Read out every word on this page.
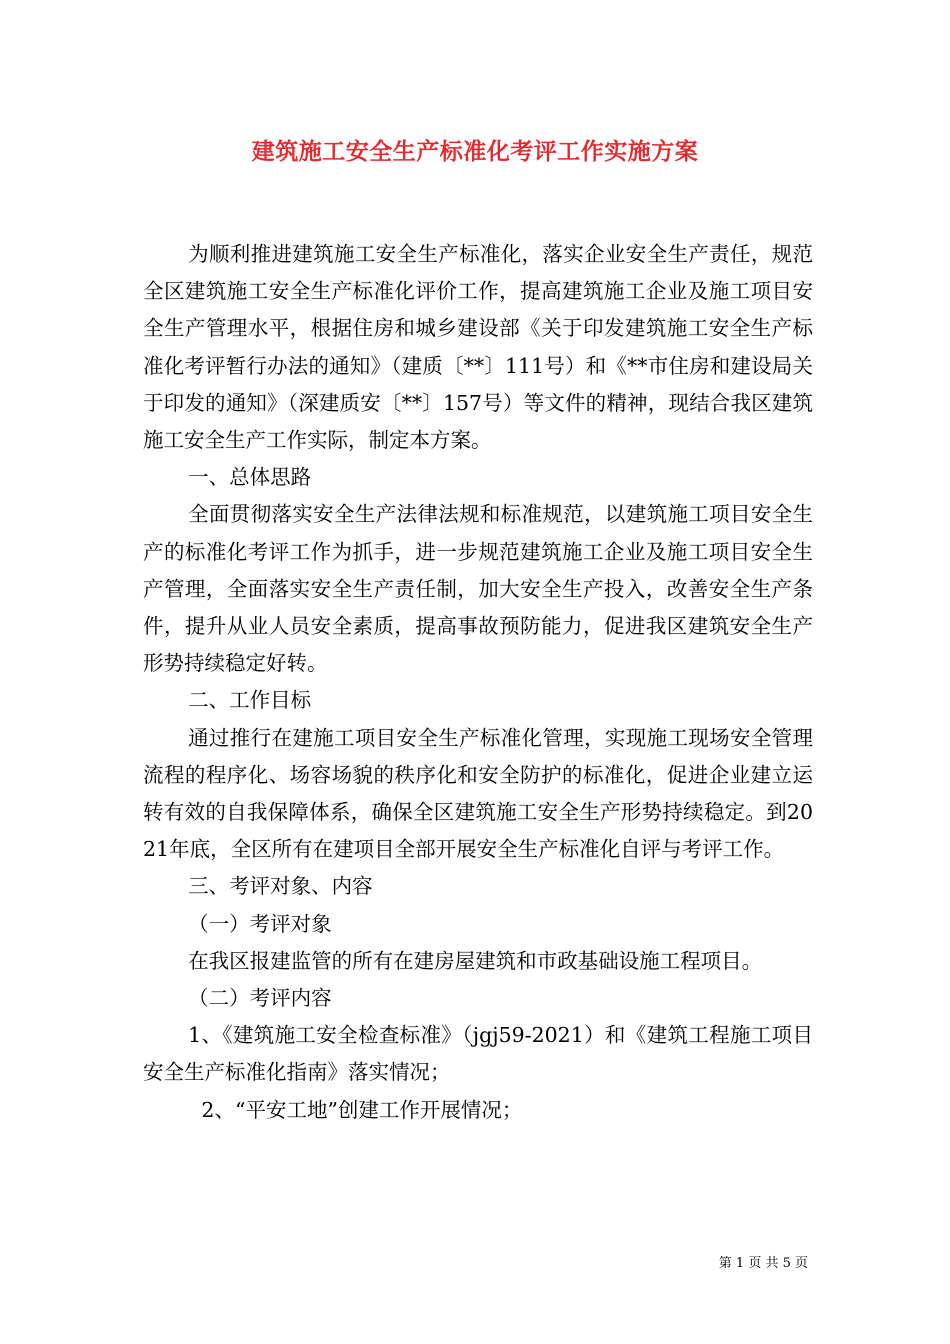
建筑施工安全生产标准化考评工作实施方案

为顺利推进建筑施工安全生产标准化，落实企业安全生产责任，规范全区建筑施工安全生产标准化评价工作，提高建筑施工企业及施工项目安全生产管理水平，根据住房和城乡建设部《关于印发建筑施工安全生产标准化考评暂行办法的通知》（建质〔**〕111号）和《**市住房和建设局关于印发的通知》（深建质安〔**〕157号）等文件的精神，现结合我区建筑施工安全生产工作实际，制定本方案。

一、总体思路

全面贯彻落实安全生产法律法规和标准规范，以建筑施工项目安全生产的标准化考评工作为抓手，进一步规范建筑施工企业及施工项目安全生产管理，全面落实安全生产责任制，加大安全生产投入，改善安全生产条件，提升从业人员安全素质，提高事故预防能力，促进我区建筑安全生产形势持续稳定好转。

二、工作目标

通过推行在建施工项目安全生产标准化管理，实现施工现场安全管理流程的程序化、场容场貌的秩序化和安全防护的标准化，促进企业建立运转有效的自我保障体系，确保全区建筑施工安全生产形势持续稳定。到2021年底，全区所有在建项目全部开展安全生产标准化自评与考评工作。

三、考评对象、内容

（一）考评对象

在我区报建监管的所有在建房屋建筑和市政基础设施工程项目。

（二）考评内容

1、《建筑施工安全检查标准》（jgj59-2021）和《建筑工程施工项目安全生产标准化指南》落实情况；

2、“平安工地”创建工作开展情况；

第 1 页 共 5 页
